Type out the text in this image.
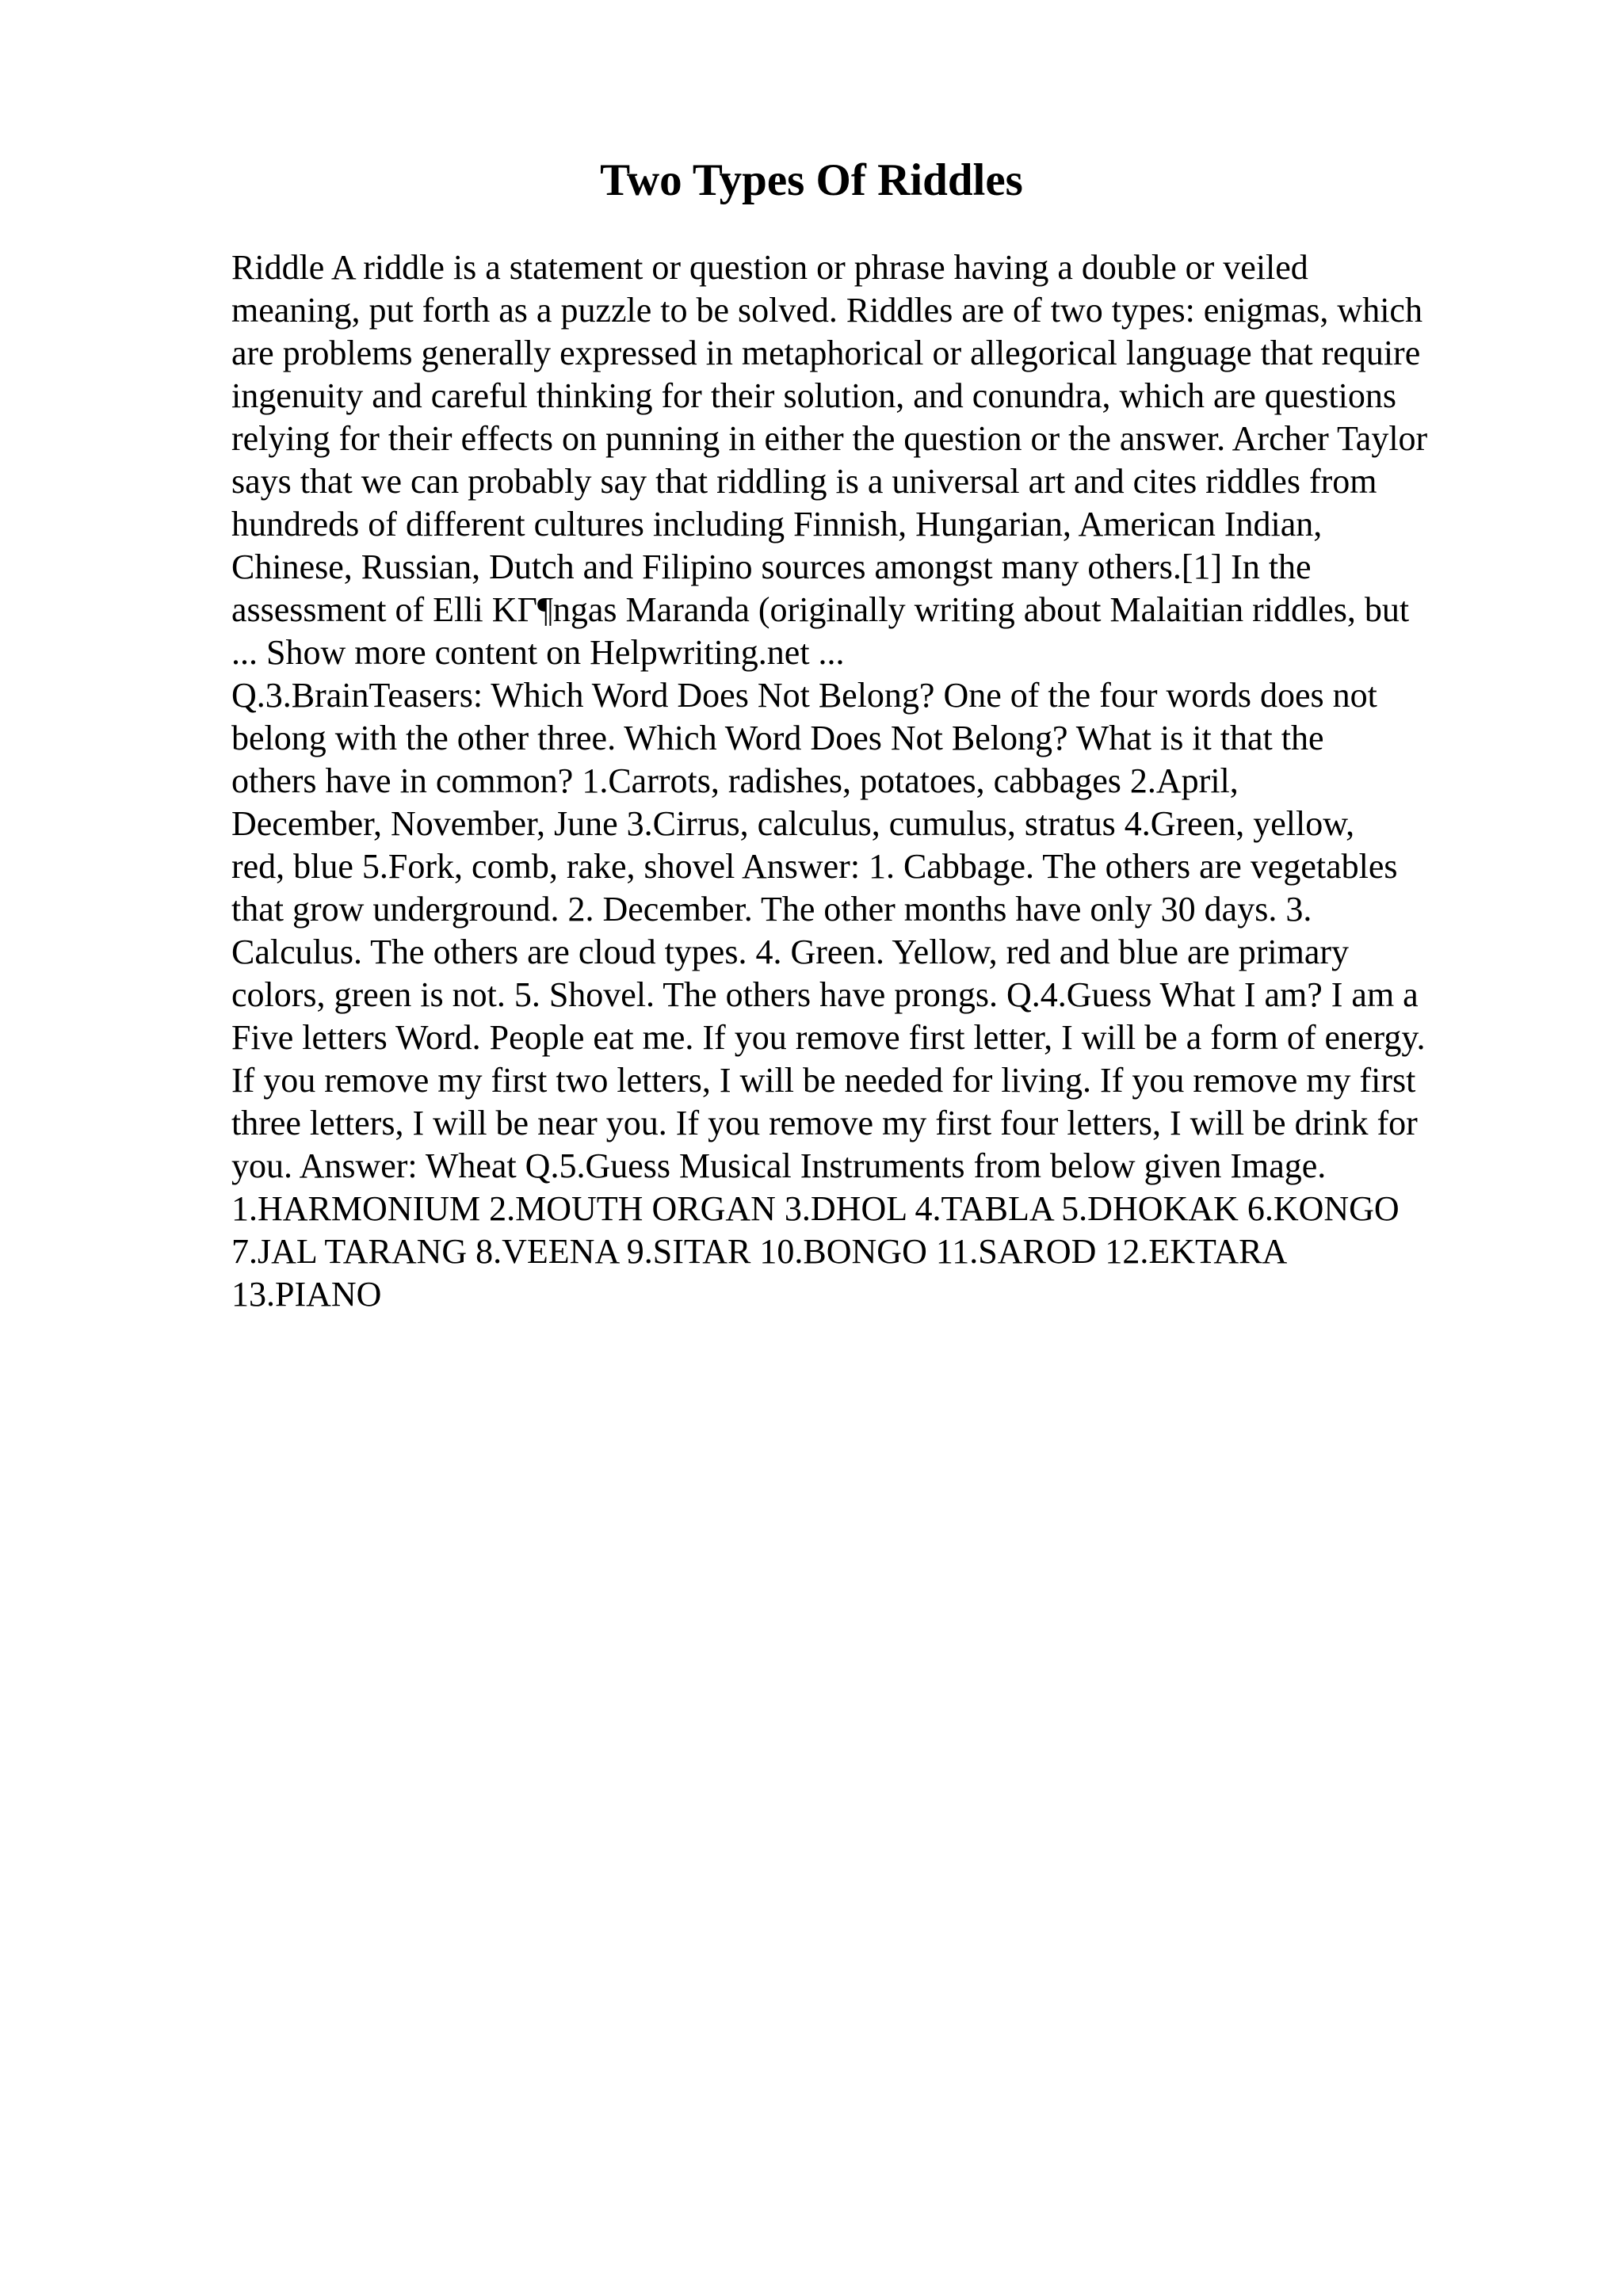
Two Types Of Riddles
Riddle A riddle is a statement or question or phrase having a double or veiled
meaning, put forth as a puzzle to be solved. Riddles are of two types: enigmas, which
are problems generally expressed in metaphorical or allegorical language that require
ingenuity and careful thinking for their solution, and conundra, which are questions
relying for their effects on punning in either the question or the answer. Archer Taylor
says that we can probably say that riddling is a universal art and cites riddles from
hundreds of different cultures including Finnish, Hungarian, American Indian,
Chinese, Russian, Dutch and Filipino sources amongst many others.[1] In the
assessment of Elli KΓ¶ngas Maranda (originally writing about Malaitian riddles, but
... Show more content on Helpwriting.net ...
Q.3.BrainTeasers: Which Word Does Not Belong? One of the four words does not
belong with the other three. Which Word Does Not Belong? What is it that the
others have in common? 1.Carrots, radishes, potatoes, cabbages 2.April,
December, November, June 3.Cirrus, calculus, cumulus, stratus 4.Green, yellow,
red, blue 5.Fork, comb, rake, shovel Answer: 1. Cabbage. The others are vegetables
that grow underground. 2. December. The other months have only 30 days. 3.
Calculus. The others are cloud types. 4. Green. Yellow, red and blue are primary
colors, green is not. 5. Shovel. The others have prongs. Q.4.Guess What I am? I am a
Five letters Word. People eat me. If you remove first letter, I will be a form of energy.
If you remove my first two letters, I will be needed for living. If you remove my first
three letters, I will be near you. If you remove my first four letters, I will be drink for
you. Answer: Wheat Q.5.Guess Musical Instruments from below given Image.
1.HARMONIUM 2.MOUTH ORGAN 3.DHOL 4.TABLA 5.DHOKAK 6.KONGO
7.JAL TARANG 8.VEENA 9.SITAR 10.BONGO 11.SAROD 12.EKTARA
13.PIANO
